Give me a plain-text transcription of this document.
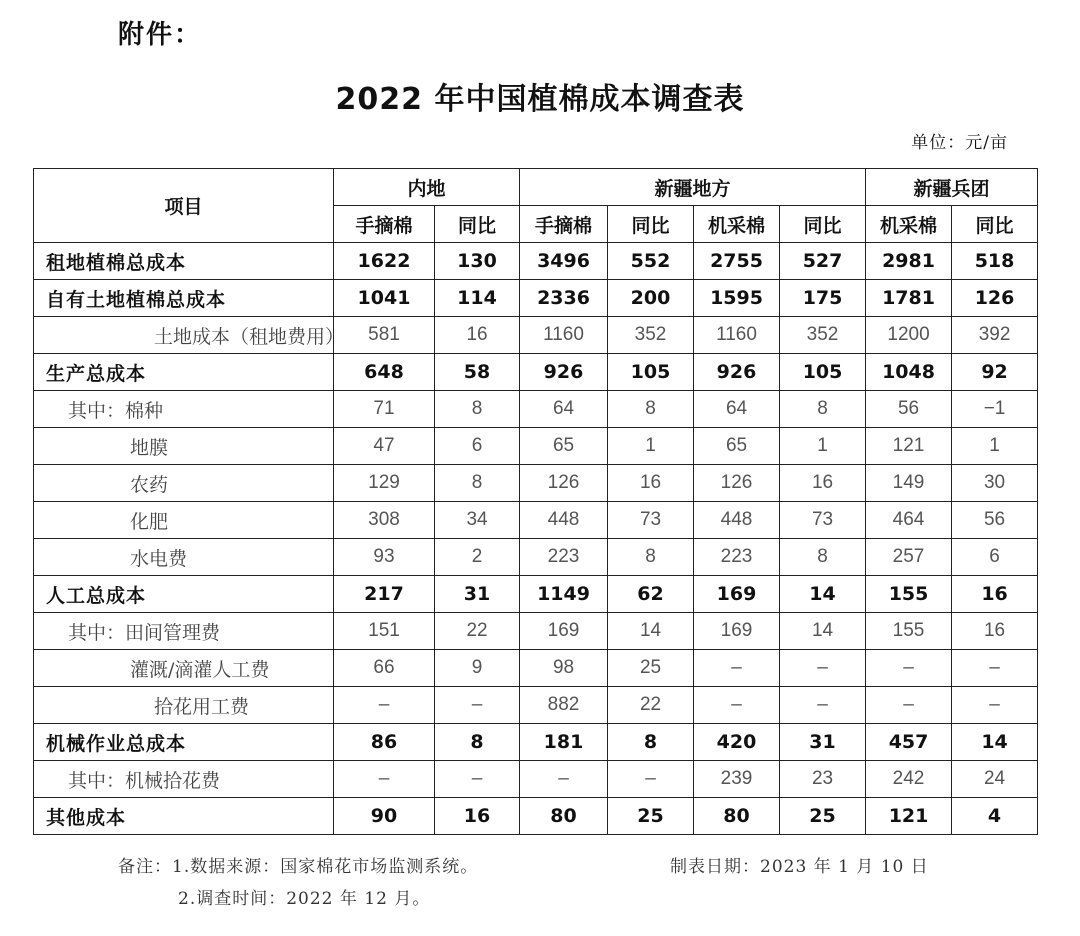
附件：
2022 年中国植棉成本调查表
单位：元/亩
项目	内地		新疆地方				新疆兵团	
	手摘棉	同比	手摘棉	同比	机采棉	同比	机采棉	同比
租地植棉总成本	1622	130	3496	552	2755	527	2981	518
自有土地植棉总成本	1041	114	2336	200	1595	175	1781	126
土地成本（租地费用）	581	16	1160	352	1160	352	1200	392
生产总成本	648	58	926	105	926	105	1048	92
其中：棉种	71	8	64	8	64	8	56	−1
地膜	47	6	65	1	65	1	121	1
农药	129	8	126	16	126	16	149	30
化肥	308	34	448	73	448	73	464	56
水电费	93	2	223	8	223	8	257	6
人工总成本	217	31	1149	62	169	14	155	16
其中：田间管理费	151	22	169	14	169	14	155	16
灌溉/滴灌人工费	66	9	98	25	–	–	–	–
拾花用工费	–	–	882	22	–	–	–	–
机械作业总成本	86	8	181	8	420	31	457	14
其中：机械拾花费	–	–	–	–	239	23	242	24
其他成本	90	16	80	25	80	25	121	4
备注：1.数据来源：国家棉花市场监测系统。	制表日期：2023 年 1 月 10 日
2.调查时间：2022 年 12 月。
